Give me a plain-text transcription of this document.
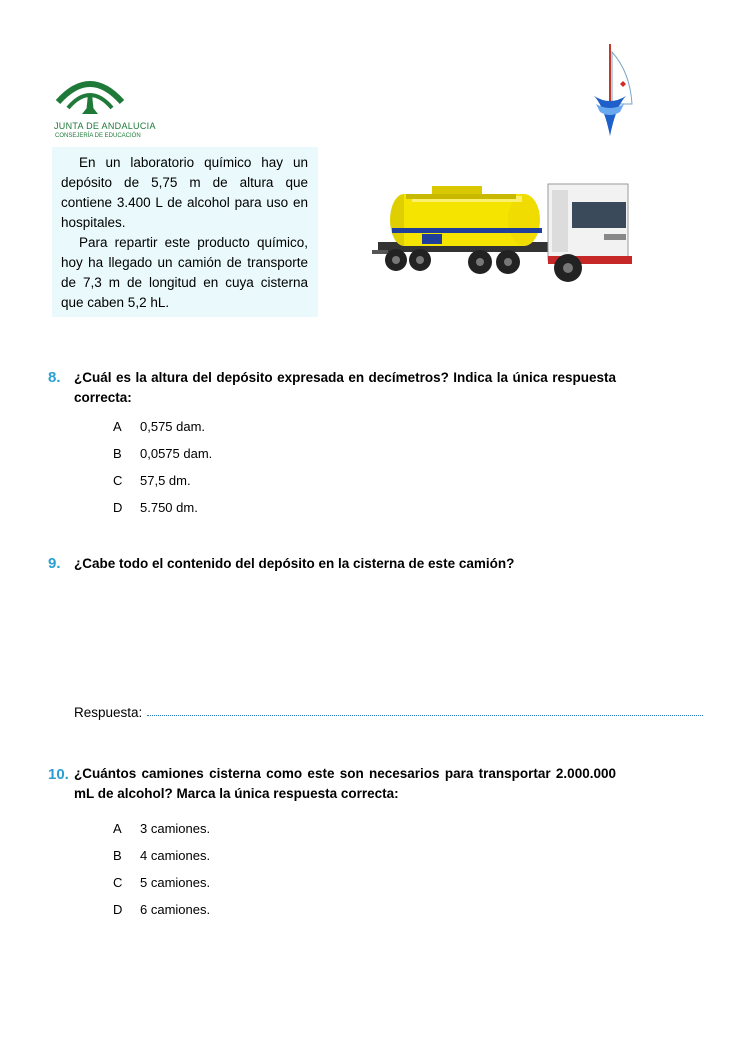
JUNTA DE ANDALUCIA
CONSEJERÍA DE EDUCACIÓN

En un laboratorio químico hay un depósito de 5,75 m de altura que contiene 3.400 L de alcohol para uso en hospitales.

Para repartir este producto químico, hoy ha llegado un camión de transporte de 7,3 m de longitud en cuya cisterna que caben 5,2 hL.

8. ¿Cuál es la altura del depósito expresada en decímetros? Indica la única respuesta correcta:
A 0,575 dam.
B 0,0575 dam.
C 57,5 dm.
D 5.750 dm.
9. ¿Cabe todo el contenido del depósito en la cisterna de este camión?
Respuesta:
10. ¿Cuántos camiones cisterna como este son necesarios para transportar 2.000.000 mL de alcohol? Marca la única respuesta correcta:
A 3 camiones.
B 4 camiones.
C 5 camiones.
D 6 camiones.
